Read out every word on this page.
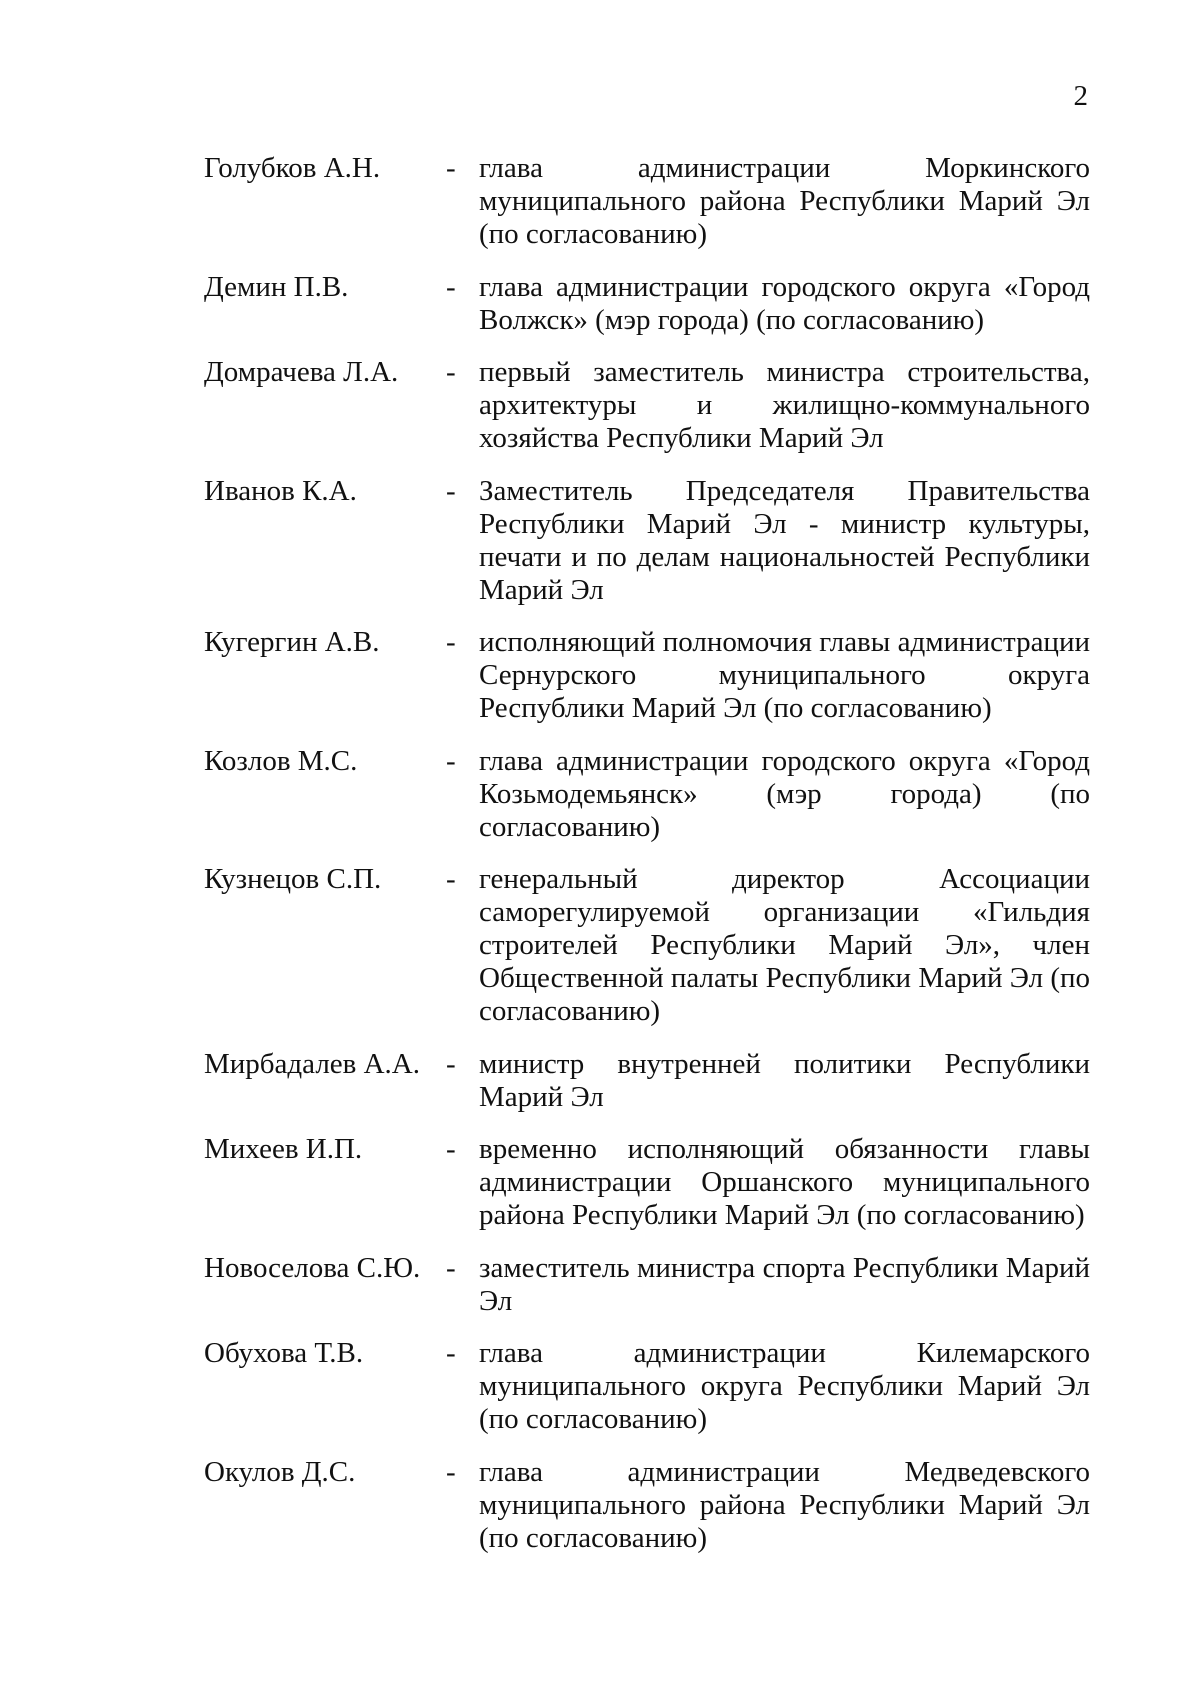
2
Голубков А.Н.	- глава администрации Моркинского муниципального района Республики Марий Эл (по согласованию)
Демин П.В.	- глава администрации городского округа «Город Волжск» (мэр города) (по согласованию)
Домрачева Л.А.	- первый заместитель министра строительства, архитектуры и жилищно-коммунального хозяйства Республики Марий Эл
Иванов К.А.	- Заместитель Председателя Правительства Республики Марий Эл - министр культуры, печати и по делам национальностей Республики Марий Эл
Кугергин А.В.	- исполняющий полномочия главы администрации Сернурского муниципального округа Республики Марий Эл (по согласованию)
Козлов М.С.	- глава администрации городского округа «Город Козьмодемьянск» (мэр города) (по согласованию)
Кузнецов С.П.	- генеральный директор Ассоциации саморегулируемой организации «Гильдия строителей Республики Марий Эл», член Общественной палаты Республики Марий Эл (по согласованию)
Мирбадалев А.А. - министр внутренней политики Республики Марий Эл
Михеев И.П.	- временно исполняющий обязанности главы администрации Оршанского муниципального района Республики Марий Эл (по согласованию)
Новоселова С.Ю. - заместитель министра спорта Республики Марий Эл
Обухова Т.В.	- глава администрации Килемарского муниципального округа Республики Марий Эл (по согласованию)
Окулов Д.С.	- глава администрации Медведевского муниципального района Республики Марий Эл (по согласованию)
